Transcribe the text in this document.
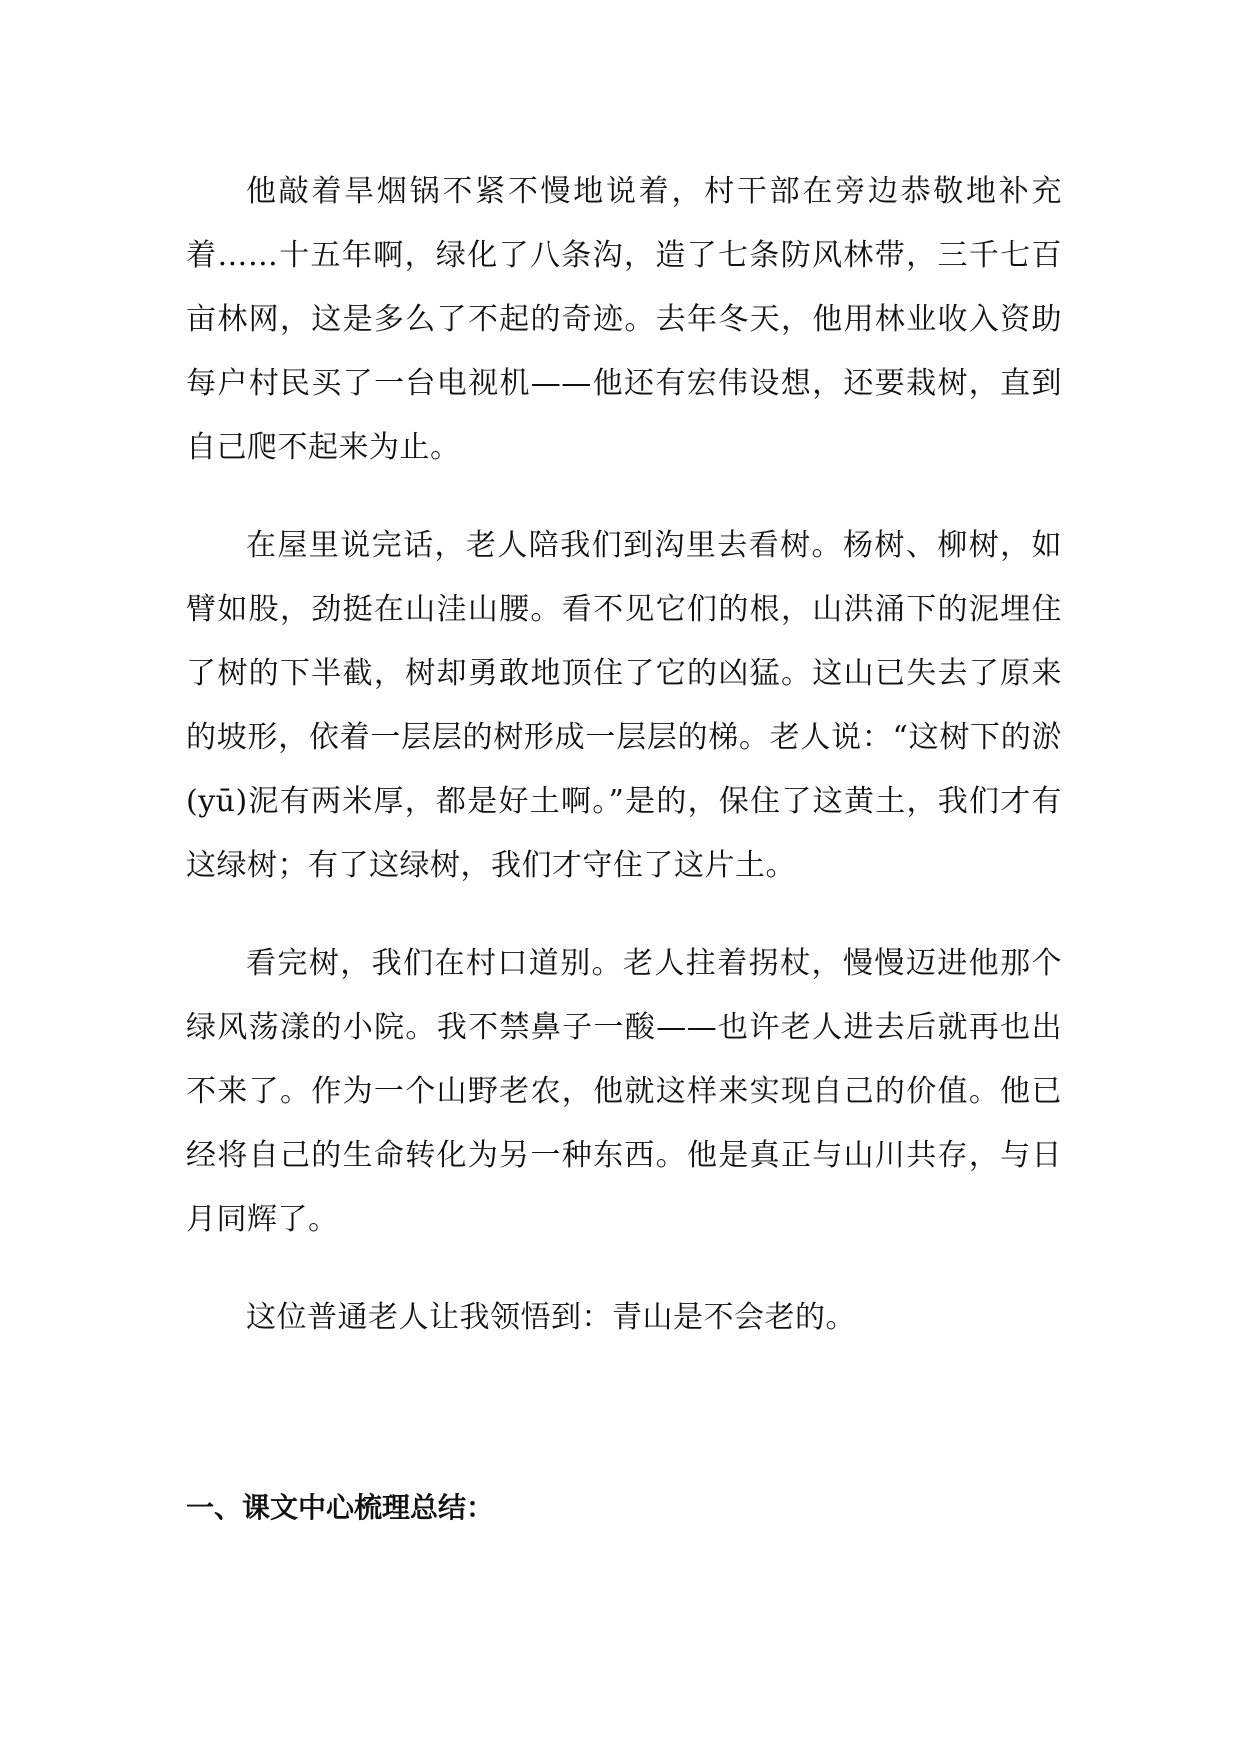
他敲着旱烟锅不紧不慢地说着，村干部在旁边恭敬地补充着……十五年啊，绿化了八条沟，造了七条防风林带，三千七百亩林网，这是多么了不起的奇迹。去年冬天，他用林业收入资助每户村民买了一台电视机——他还有宏伟设想，还要栽树，直到自己爬不起来为止。

在屋里说完话，老人陪我们到沟里去看树。杨树、柳树，如臂如股，劲挺在山洼山腰。看不见它们的根，山洪涌下的泥埋住了树的下半截，树却勇敢地顶住了它的凶猛。这山已失去了原来的坡形，依着一层层的树形成一层层的梯。老人说：“这树下的淤(yū)泥有两米厚，都是好土啊。”是的，保住了这黄土，我们才有这绿树；有了这绿树，我们才守住了这片土。

看完树，我们在村口道别。老人拄着拐杖，慢慢迈进他那个绿风荡漾的小院。我不禁鼻子一酸——也许老人进去后就再也出不来了。作为一个山野老农，他就这样来实现自己的价值。他已经将自己的生命转化为另一种东西。他是真正与山川共存，与日月同辉了。

这位普通老人让我领悟到：青山是不会老的。

一、课文中心梳理总结：
